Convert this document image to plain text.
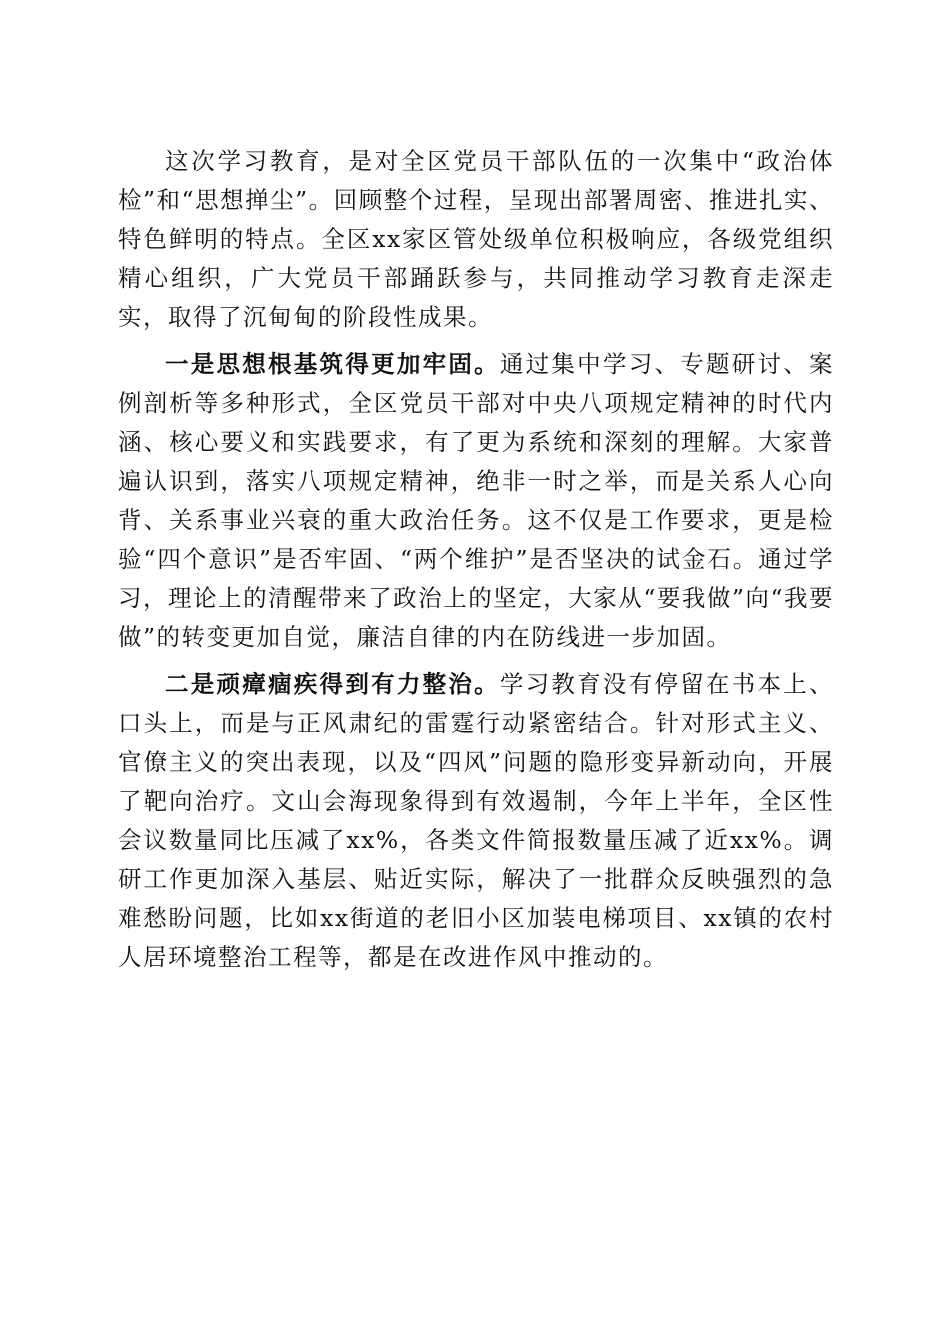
这次学习教育，是对全区党员干部队伍的一次集中“政治体检”和“思想掸尘”。回顾整个过程，呈现出部署周密、推进扎实、特色鲜明的特点。全区xx家区管处级单位积极响应，各级党组织精心组织，广大党员干部踊跃参与，共同推动学习教育走深走实，取得了沉甸甸的阶段性成果。

一是思想根基筑得更加牢固。通过集中学习、专题研讨、案例剖析等多种形式，全区党员干部对中央八项规定精神的时代内涵、核心要义和实践要求，有了更为系统和深刻的理解。大家普遍认识到，落实八项规定精神，绝非一时之举，而是关系人心向背、关系事业兴衰的重大政治任务。这不仅是工作要求，更是检验“四个意识”是否牢固、“两个维护”是否坚决的试金石。通过学习，理论上的清醒带来了政治上的坚定，大家从“要我做”向“我要做”的转变更加自觉，廉洁自律的内在防线进一步加固。

二是顽瘴痼疾得到有力整治。学习教育没有停留在书本上、口头上，而是与正风肃纪的雷霆行动紧密结合。针对形式主义、官僚主义的突出表现，以及“四风”问题的隐形变异新动向，开展了靶向治疗。文山会海现象得到有效遏制，今年上半年，全区性会议数量同比压减了xx%，各类文件简报数量压减了近xx%。调研工作更加深入基层、贴近实际，解决了一批群众反映强烈的急难愁盼问题，比如xx街道的老旧小区加装电梯项目、xx镇的农村人居环境整治工程等，都是在改进作风中推动的。
